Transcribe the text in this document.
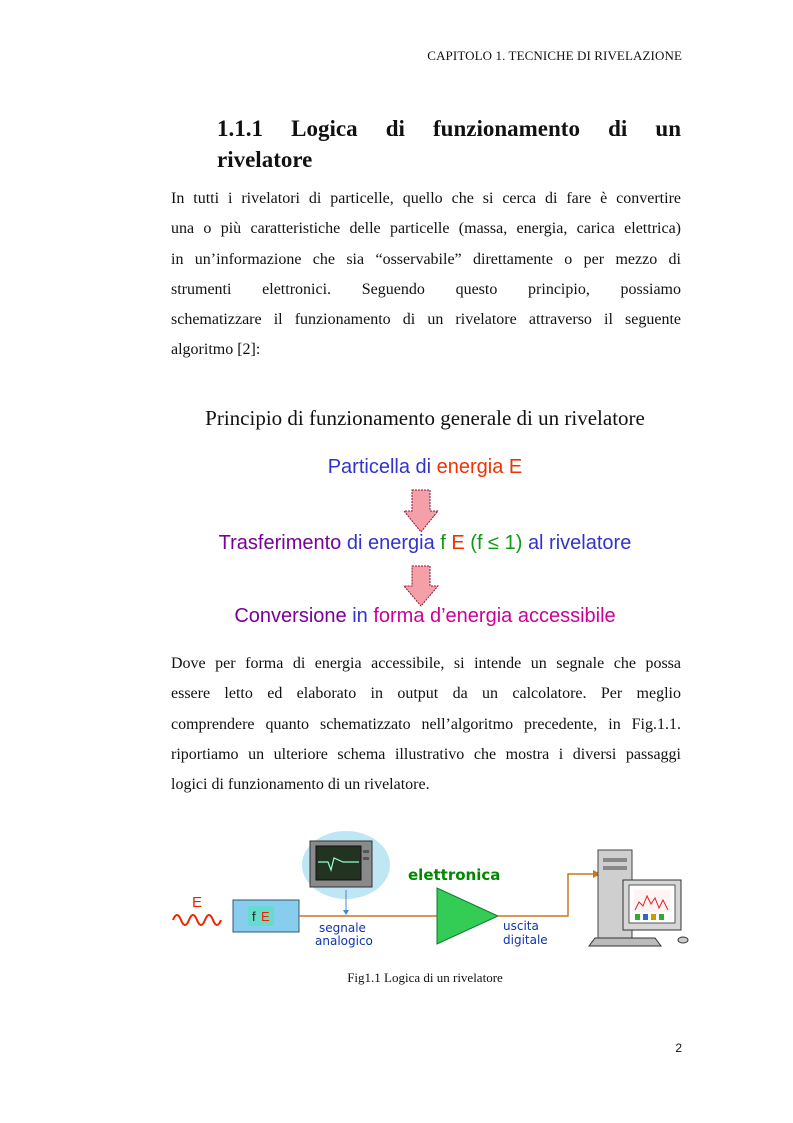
CAPITOLO 1. TECNICHE DI RIVELAZIONE
1.1.1 Logica di funzionamento di un
rivelatore
In tutti i rivelatori di particelle, quello che si cerca di fare è convertire
una o più caratteristiche delle particelle (massa, energia, carica elettrica)
in un’informazione che sia “osservabile” direttamente o per mezzo di
strumenti elettronici. Seguendo questo principio, possiamo
schematizzare il funzionamento di un rivelatore attraverso il seguente
algoritmo [2]:
Principio di funzionamento generale di un rivelatore
Particella di energia E
Trasferimento di energia f E (f ≤ 1) al rivelatore
Conversione in forma d’energia accessibile
Dove per forma di energia accessibile, si intende un segnale che possa
essere letto ed elaborato in output da un calcolatore. Per meglio
comprendere quanto schematizzato nell’algoritmo precedente, in Fig.1.1.
riportiamo un ulteriore schema illustrativo che mostra i diversi passaggi
logici di funzionamento di un rivelatore.
E
f E
segnale
analogico
elettronica
uscita
digitale
Fig1.1 Logica di un rivelatore
2
